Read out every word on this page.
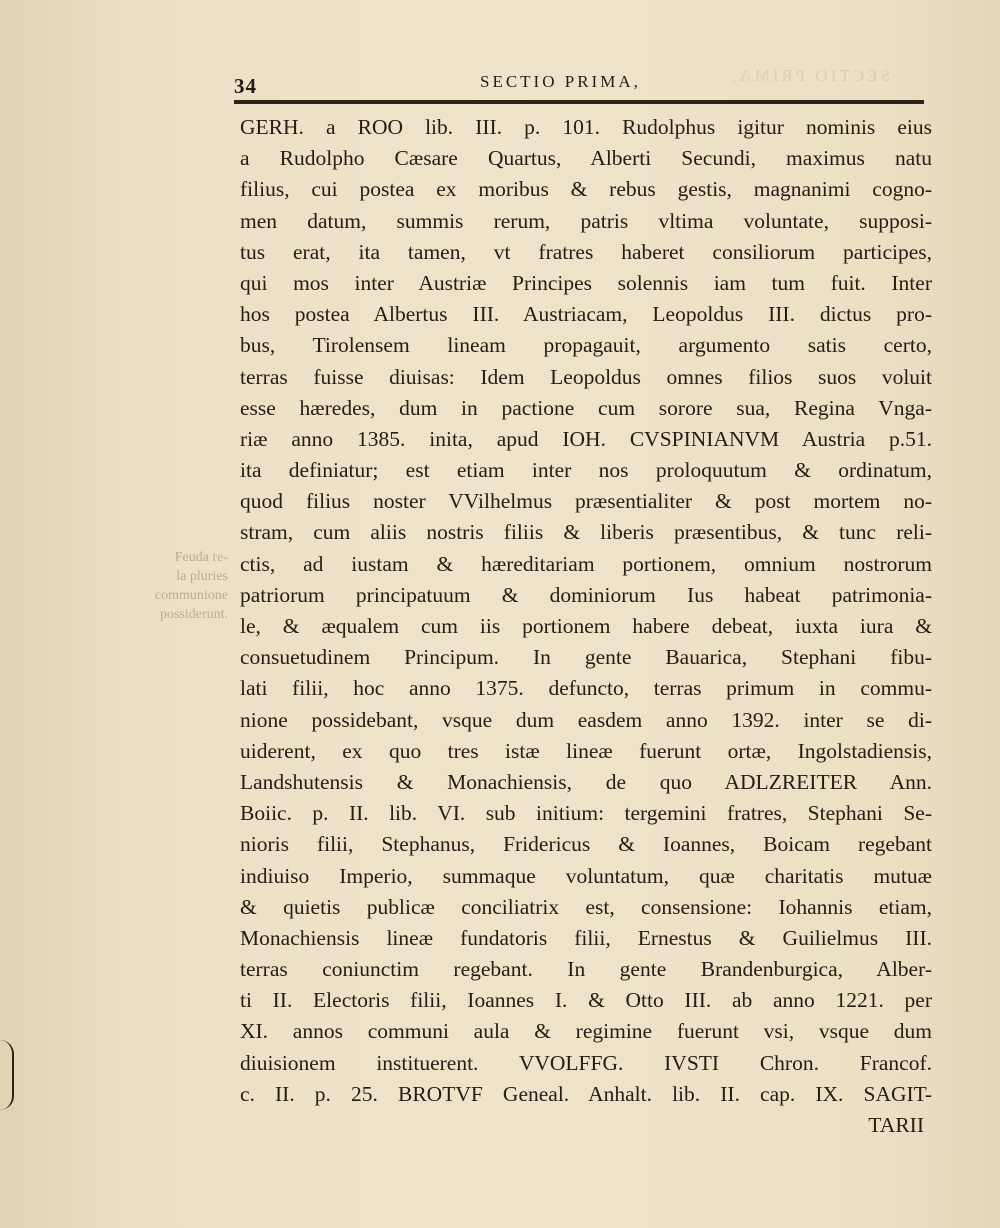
SECTIO PRIMA,
34	SECTIO PRIMA,
Feuda re-
la pluries
communione
possiderunt.
GERH. a ROO lib. III. p. 101. Rudolphus igitur nominis eius
a Rudolpho Cæsare Quartus, Alberti Secundi, maximus natu
filius, cui postea ex moribus & rebus gestis, magnanimi cogno-
men datum, summis rerum, patris vltima voluntate, supposi-
tus erat, ita tamen, vt fratres haberet consiliorum participes,
qui mos inter Austriæ Principes solennis iam tum fuit. Inter
hos postea Albertus III. Austriacam, Leopoldus III. dictus pro-
bus, Tirolensem lineam propagauit, argumento satis certo,
terras fuisse diuisas: Idem Leopoldus omnes filios suos voluit
esse hæredes, dum in pactione cum sorore sua, Regina Vnga-
riæ anno 1385. inita, apud IOH. CVSPINIANVM Austria p.51.
ita definiatur; est etiam inter nos proloquutum & ordinatum,
quod filius noster VVilhelmus præsentialiter & post mortem no-
stram, cum aliis nostris filiis & liberis præsentibus, & tunc reli-
ctis, ad iustam & hæreditariam portionem, omnium nostrorum
patriorum principatuum & dominiorum Ius habeat patrimonia-
le, & æqualem cum iis portionem habere debeat, iuxta iura &
consuetudinem Principum. In gente Bauarica, Stephani fibu-
lati filii, hoc anno 1375. defuncto, terras primum in commu-
nione possidebant, vsque dum easdem anno 1392. inter se di-
uiderent, ex quo tres istæ lineæ fuerunt ortæ, Ingolstadiensis,
Landshutensis & Monachiensis, de quo ADLZREITER Ann.
Boiic. p. II. lib. VI. sub initium: tergemini fratres, Stephani Se-
nioris filii, Stephanus, Fridericus & Ioannes, Boicam regebant
indiuiso Imperio, summaque voluntatum, quæ charitatis mutuæ
& quietis publicæ conciliatrix est, consensione: Iohannis etiam,
Monachiensis lineæ fundatoris filii, Ernestus & Guilielmus III.
terras coniunctim regebant. In gente Brandenburgica, Alber-
ti II. Electoris filii, Ioannes I. & Otto III. ab anno 1221. per
XI. annos communi aula & regimine fuerunt vsi, vsque dum
diuisionem instituerent. VVOLFFG. IVSTI Chron. Francof.
c. II. p. 25. BROTVF Geneal. Anhalt. lib. II. cap. IX. SAGIT-
TARII
